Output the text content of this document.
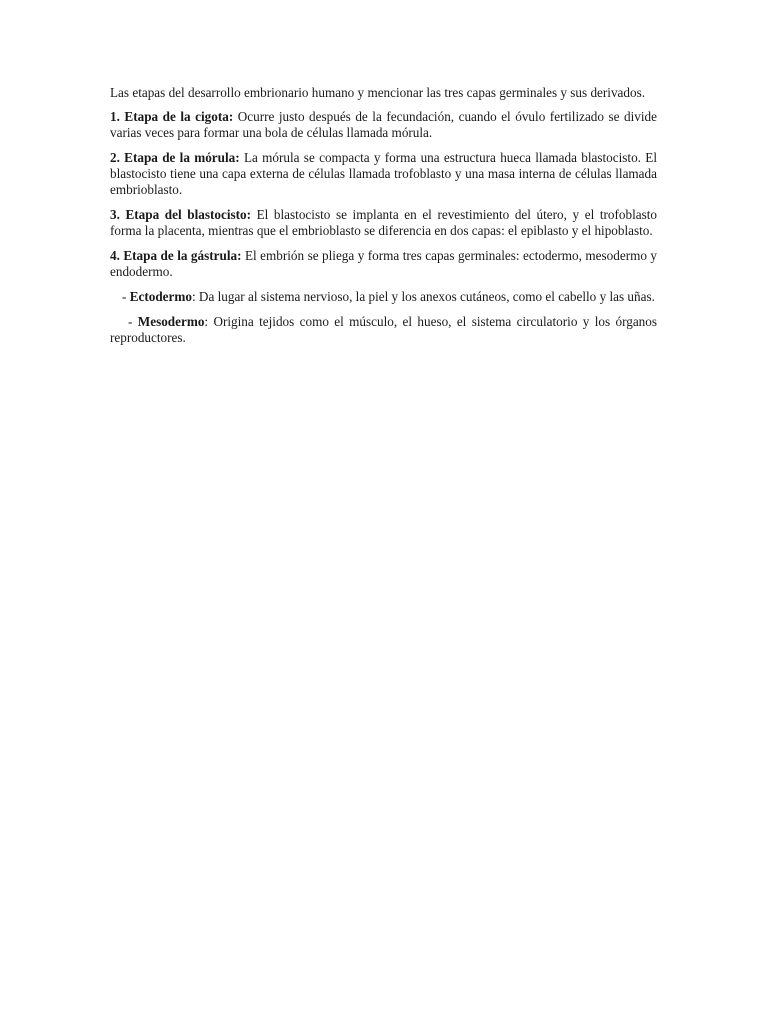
Las etapas del desarrollo embrionario humano y mencionar las tres capas germinales y sus derivados.

1. Etapa de la cigota: Ocurre justo después de la fecundación, cuando el óvulo fertilizado se divide varias veces para formar una bola de células llamada mórula.

2. Etapa de la mórula: La mórula se compacta y forma una estructura hueca llamada blastocisto. El blastocisto tiene una capa externa de células llamada trofoblasto y una masa interna de células llamada embrioblasto.

3. Etapa del blastocisto: El blastocisto se implanta en el revestimiento del útero, y el trofoblasto forma la placenta, mientras que el embrioblasto se diferencia en dos capas: el epiblasto y el hipoblasto.

4. Etapa de la gástrula: El embrión se pliega y forma tres capas germinales: ectodermo, mesodermo y endodermo.

- Ectodermo: Da lugar al sistema nervioso, la piel y los anexos cutáneos, como el cabello y las uñas.

- Mesodermo: Origina tejidos como el músculo, el hueso, el sistema circulatorio y los órganos reproductores.
